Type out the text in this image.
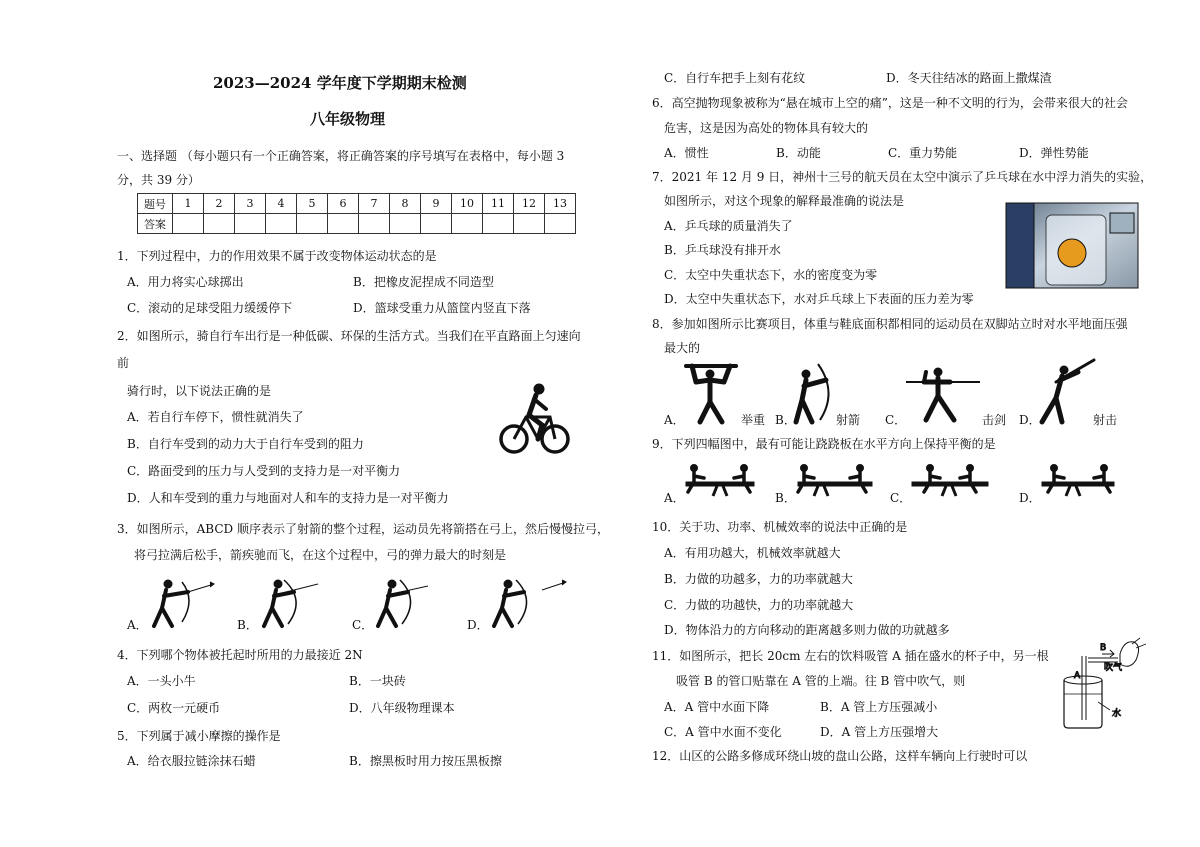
2023—2024 学年度下学期期末检测
八年级物理
一、选择题 （每小题只有一个正确答案，将正确答案的序号填写在表格中，每小题 3
分，共 39 分）
题号	1	2	3	4	5	6	7	8	9	10	11	12	13
答案													
1．下列过程中，力的作用效果不属于改变物体运动状态的是
A．用力将实心球掷出	B．把橡皮泥捏成不同造型
C．滚动的足球受阻力缓缓停下	D．篮球受重力从篮筐内竖直下落
2．如图所示，骑自行车出行是一种低碳、环保的生活方式。当我们在平直路面上匀速向
前
骑行时，以下说法正确的是
A．若自行车停下，惯性就消失了
B．自行车受到的动力大于自行车受到的阻力
C．路面受到的压力与人受到的支持力是一对平衡力
D．人和车受到的重力与地面对人和车的支持力是一对平衡力
3．如图所示，ABCD 顺序表示了射箭的整个过程，运动员先将箭搭在弓上，然后慢慢拉弓，
将弓拉满后松手，箭疾驰而飞，在这个过程中，弓的弹力最大的时刻是
A．	B．	C．	D．
4．下列哪个物体被托起时所用的力最接近 2N
A．一头小牛	B．一块砖
C．两枚一元硬币	D．八年级物理课本
5．下列属于减小摩擦的操作是
A．给衣服拉链涂抹石蜡	B．擦黑板时用力按压黑板擦
C．自行车把手上刻有花纹	D．冬天往结冰的路面上撒煤渣
6．高空抛物现象被称为“悬在城市上空的痛”，这是一种不文明的行为，会带来很大的社会
危害，这是因为高处的物体具有较大的
A．惯性	B．动能	C．重力势能	D．弹性势能
7．2021 年 12 月 9 日，神州十三号的航天员在太空中演示了乒乓球在水中浮力消失的实验，
如图所示，对这个现象的解释最准确的说法是
A．乒乓球的质量消失了
B．乒乓球没有排开水
C．太空中失重状态下，水的密度变为零
D．太空中失重状态下，水对乒乓球上下表面的压力差为零
8．参加如图所示比赛项目，体重与鞋底面积都相同的运动员在双脚站立时对水平地面压强
最大的
A．	举重 B．	射箭 C．	击剑 D．	射击
9．下列四幅图中，最有可能让跷跷板在水平方向上保持平衡的是
A．	B．	C．	D．
10．关于功、功率、机械效率的说法中正确的是
A．有用功越大，机械效率就越大
B．力做的功越多，力的功率就越大
C．力做的功越快，力的功率就越大
D．物体沿力的方向移动的距离越多则力做的功就越多
11．如图所示，把长 20cm 左右的饮料吸管 A 插在盛水的杯子中，另一根
吸管 B 的管口贴靠在 A 管的上端。往 B 管中吹气，则
A．A 管中水面下降	B．A 管上方压强减小
C．A 管中水面不变化	D．A 管上方压强增大
B
吹气
A
水
12．山区的公路多修成环绕山坡的盘山公路，这样车辆向上行驶时可以
